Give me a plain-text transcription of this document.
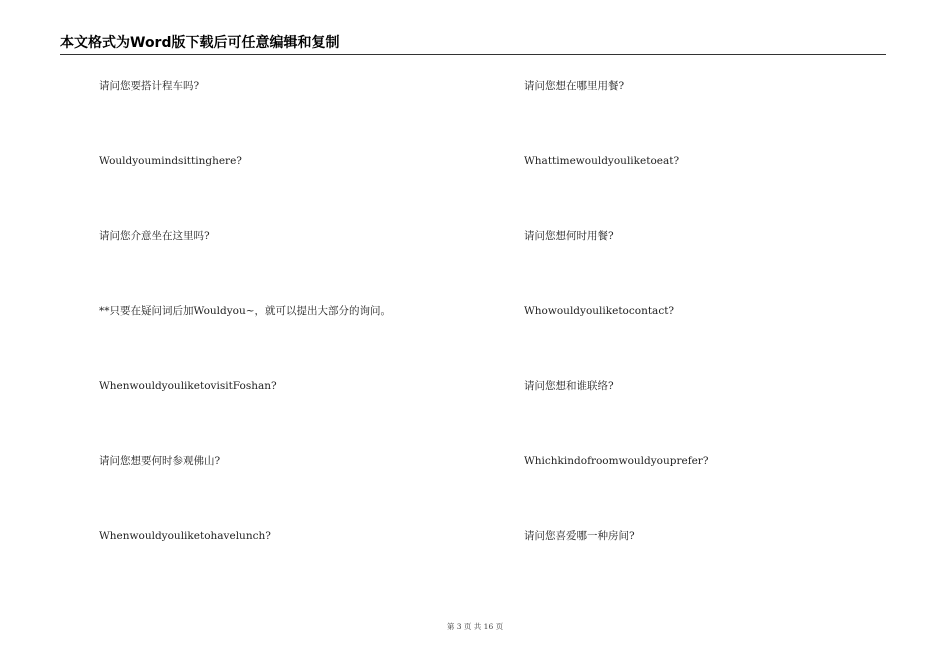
本文格式为Word版下载后可任意编辑和复制
请问您要搭计程车吗?
Wouldyoumindsittinghere?
请问您介意坐在这里吗?
**只要在疑问词后加Wouldyou~，就可以提出大部分的询问。
WhenwouldyouliketovisitFoshan?
请问您想要何时参观佛山?
Whenwouldyouliketohavelunch?
请问您想在哪里用餐?
Whattimewouldyouliketoeat?
请问您想何时用餐?
Whowouldyouliketocontact?
请问您想和谁联络?
Whichkindofroomwouldyouprefer?
请问您喜爱哪一种房间?
第 3 页 共 16 页
